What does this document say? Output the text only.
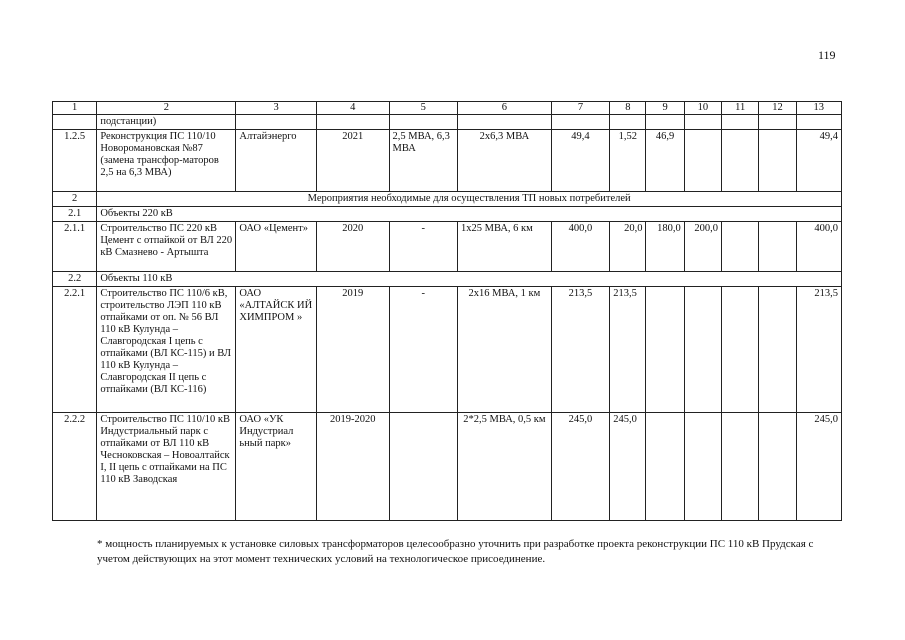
119
1	2	3	4	5	6	7	8	9	10	11	12	13
	подстанции)											
1.2.5	Реконструкция ПС 110/10 Новоромановская №87 (замена трансфор-маторов 2,5 на 6,3 МВА)	Алтайэнерго	2021	2,5 МВА, 6,3 МВА	2х6,3 МВА	49,4	1,52	46,9				49,4
2	Мероприятия необходимые для осуществления ТП новых потребителей											
2.1	Объекты 220 кВ											
2.1.1	Строительство ПС 220 кВ Цемент с отпайкой от ВЛ 220 кВ Смазнево - Артышта	ОАО «Цемент»	2020	-	1х25 МВА, 6 км	400,0	20,0	180,0	200,0			400,0
2.2	Объекты 110 кВ											
2.2.1	Строительство ПС 110/6 кВ, строительство ЛЭП 110 кВ отпайками от оп. № 56 ВЛ 110 кВ Кулунда – Славгородская I цепь с отпайками (ВЛ КС-115) и ВЛ 110 кВ Кулунда – Славгородская II цепь с отпайками (ВЛ КС-116)	ОАО «АЛТАЙСК ИЙ ХИМПРОМ »	2019	-	2х16 МВА, 1 км	213,5	213,5					213,5
2.2.2	Строительство ПС 110/10 кВ Индустриальный парк с отпайками от ВЛ 110 кВ Чесноковская – Новоалтайск I, II цепь с отпайками на ПС 110 кВ Заводская	ОАО «УК Индустриал ьный парк»	2019-2020		2*2,5 МВА, 0,5 км	245,0	245,0					245,0
* мощность планируемых к установке силовых трансформаторов целесообразно уточнить при разработке проекта реконструкции ПС 110 кВ Прудская с учетом действующих на этот момент технических условий на технологическое присоединение.
